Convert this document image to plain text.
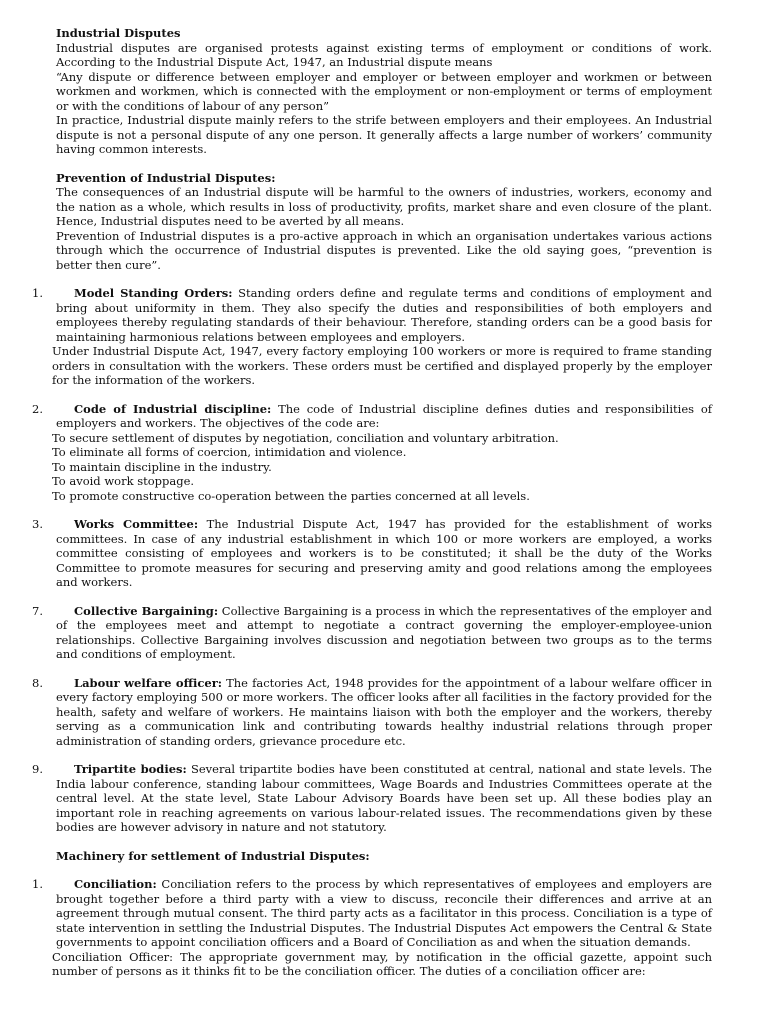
Industrial Disputes

Industrial disputes are organised protests against existing terms of employment or conditions of work. According to the Industrial Dispute Act, 1947, an Industrial dispute means

“Any dispute or difference between employer and employer or between employer and workmen or between workmen and workmen, which is connected with the employment or non-employment or terms of employment or with the conditions of labour of any person”

In practice, Industrial dispute mainly refers to the strife between employers and their employees. An Industrial dispute is not a personal dispute of any one person. It generally affects a large number of workers’ community having common interests.

Prevention of Industrial Disputes:

The consequences of an Industrial dispute will be harmful to the owners of industries, workers, economy and the nation as a whole, which results in loss of productivity, profits, market share and even closure of the plant. Hence, Industrial disputes need to be averted by all means.

Prevention of Industrial disputes is a pro-active approach in which an organisation undertakes various actions through which the occurrence of Industrial disputes is prevented. Like the old saying goes, “prevention is better then cure”.

1.	Model Standing Orders: Standing orders define and regulate terms and conditions of employment and bring about uniformity in them. They also specify the duties and responsibilities of both employers and employees thereby regulating standards of their behaviour. Therefore, standing orders can be a good basis for maintaining harmonious relations between employees and employers.

Under Industrial Dispute Act, 1947, every factory employing 100 workers or more is required to frame standing orders in consultation with the workers. These orders must be certified and displayed properly by the employer for the information of the workers.

2.	Code of Industrial discipline: The code of Industrial discipline defines duties and responsibilities of employers and workers. The objectives of the code are:

To secure settlement of disputes by negotiation, conciliation and voluntary arbitration.

To eliminate all forms of coercion, intimidation and violence.

To maintain discipline in the industry.

To avoid work stoppage.

To promote constructive co-operation between the parties concerned at all levels.

3.	Works Committee: The Industrial Dispute Act, 1947 has provided for the establishment of works committees. In case of any industrial establishment in which 100 or more workers are employed, a works committee consisting of employees and workers is to be constituted; it shall be the duty of the Works Committee to promote measures for securing and preserving amity and good relations among the employees and workers.

7.	Collective Bargaining: Collective Bargaining is a process in which the representatives of the employer and of the employees meet and attempt to negotiate a contract governing the employer-employee-union relationships. Collective Bargaining involves discussion and negotiation between two groups as to the terms and conditions of employment.

8.	Labour welfare officer: The factories Act, 1948 provides for the appointment of a labour welfare officer in every factory employing 500 or more workers. The officer looks after all facilities in the factory provided for the health, safety and welfare of workers. He maintains liaison with both the employer and the workers, thereby serving as a communication link and contributing towards healthy industrial relations through proper administration of standing orders, grievance procedure etc.

9.	Tripartite bodies: Several tripartite bodies have been constituted at central, national and state levels. The India labour conference, standing labour committees, Wage Boards and Industries Committees operate at the central level. At the state level, State Labour Advisory Boards have been set up. All these bodies play an important role in reaching agreements on various labour-related issues. The recommendations given by these bodies are however advisory in nature and not statutory.

Machinery for settlement of Industrial Disputes:

1.	Conciliation: Conciliation refers to the process by which representatives of employees and employers are brought together before a third party with a view to discuss, reconcile their differences and arrive at an agreement through mutual consent. The third party acts as a facilitator in this process. Conciliation is a type of state intervention in settling the Industrial Disputes. The Industrial Disputes Act empowers the Central & State governments to appoint conciliation officers and a Board of Conciliation as and when the situation demands.

Conciliation Officer: The appropriate government may, by notification in the official gazette, appoint such number of persons as it thinks fit to be the conciliation officer. The duties of a conciliation officer are:
